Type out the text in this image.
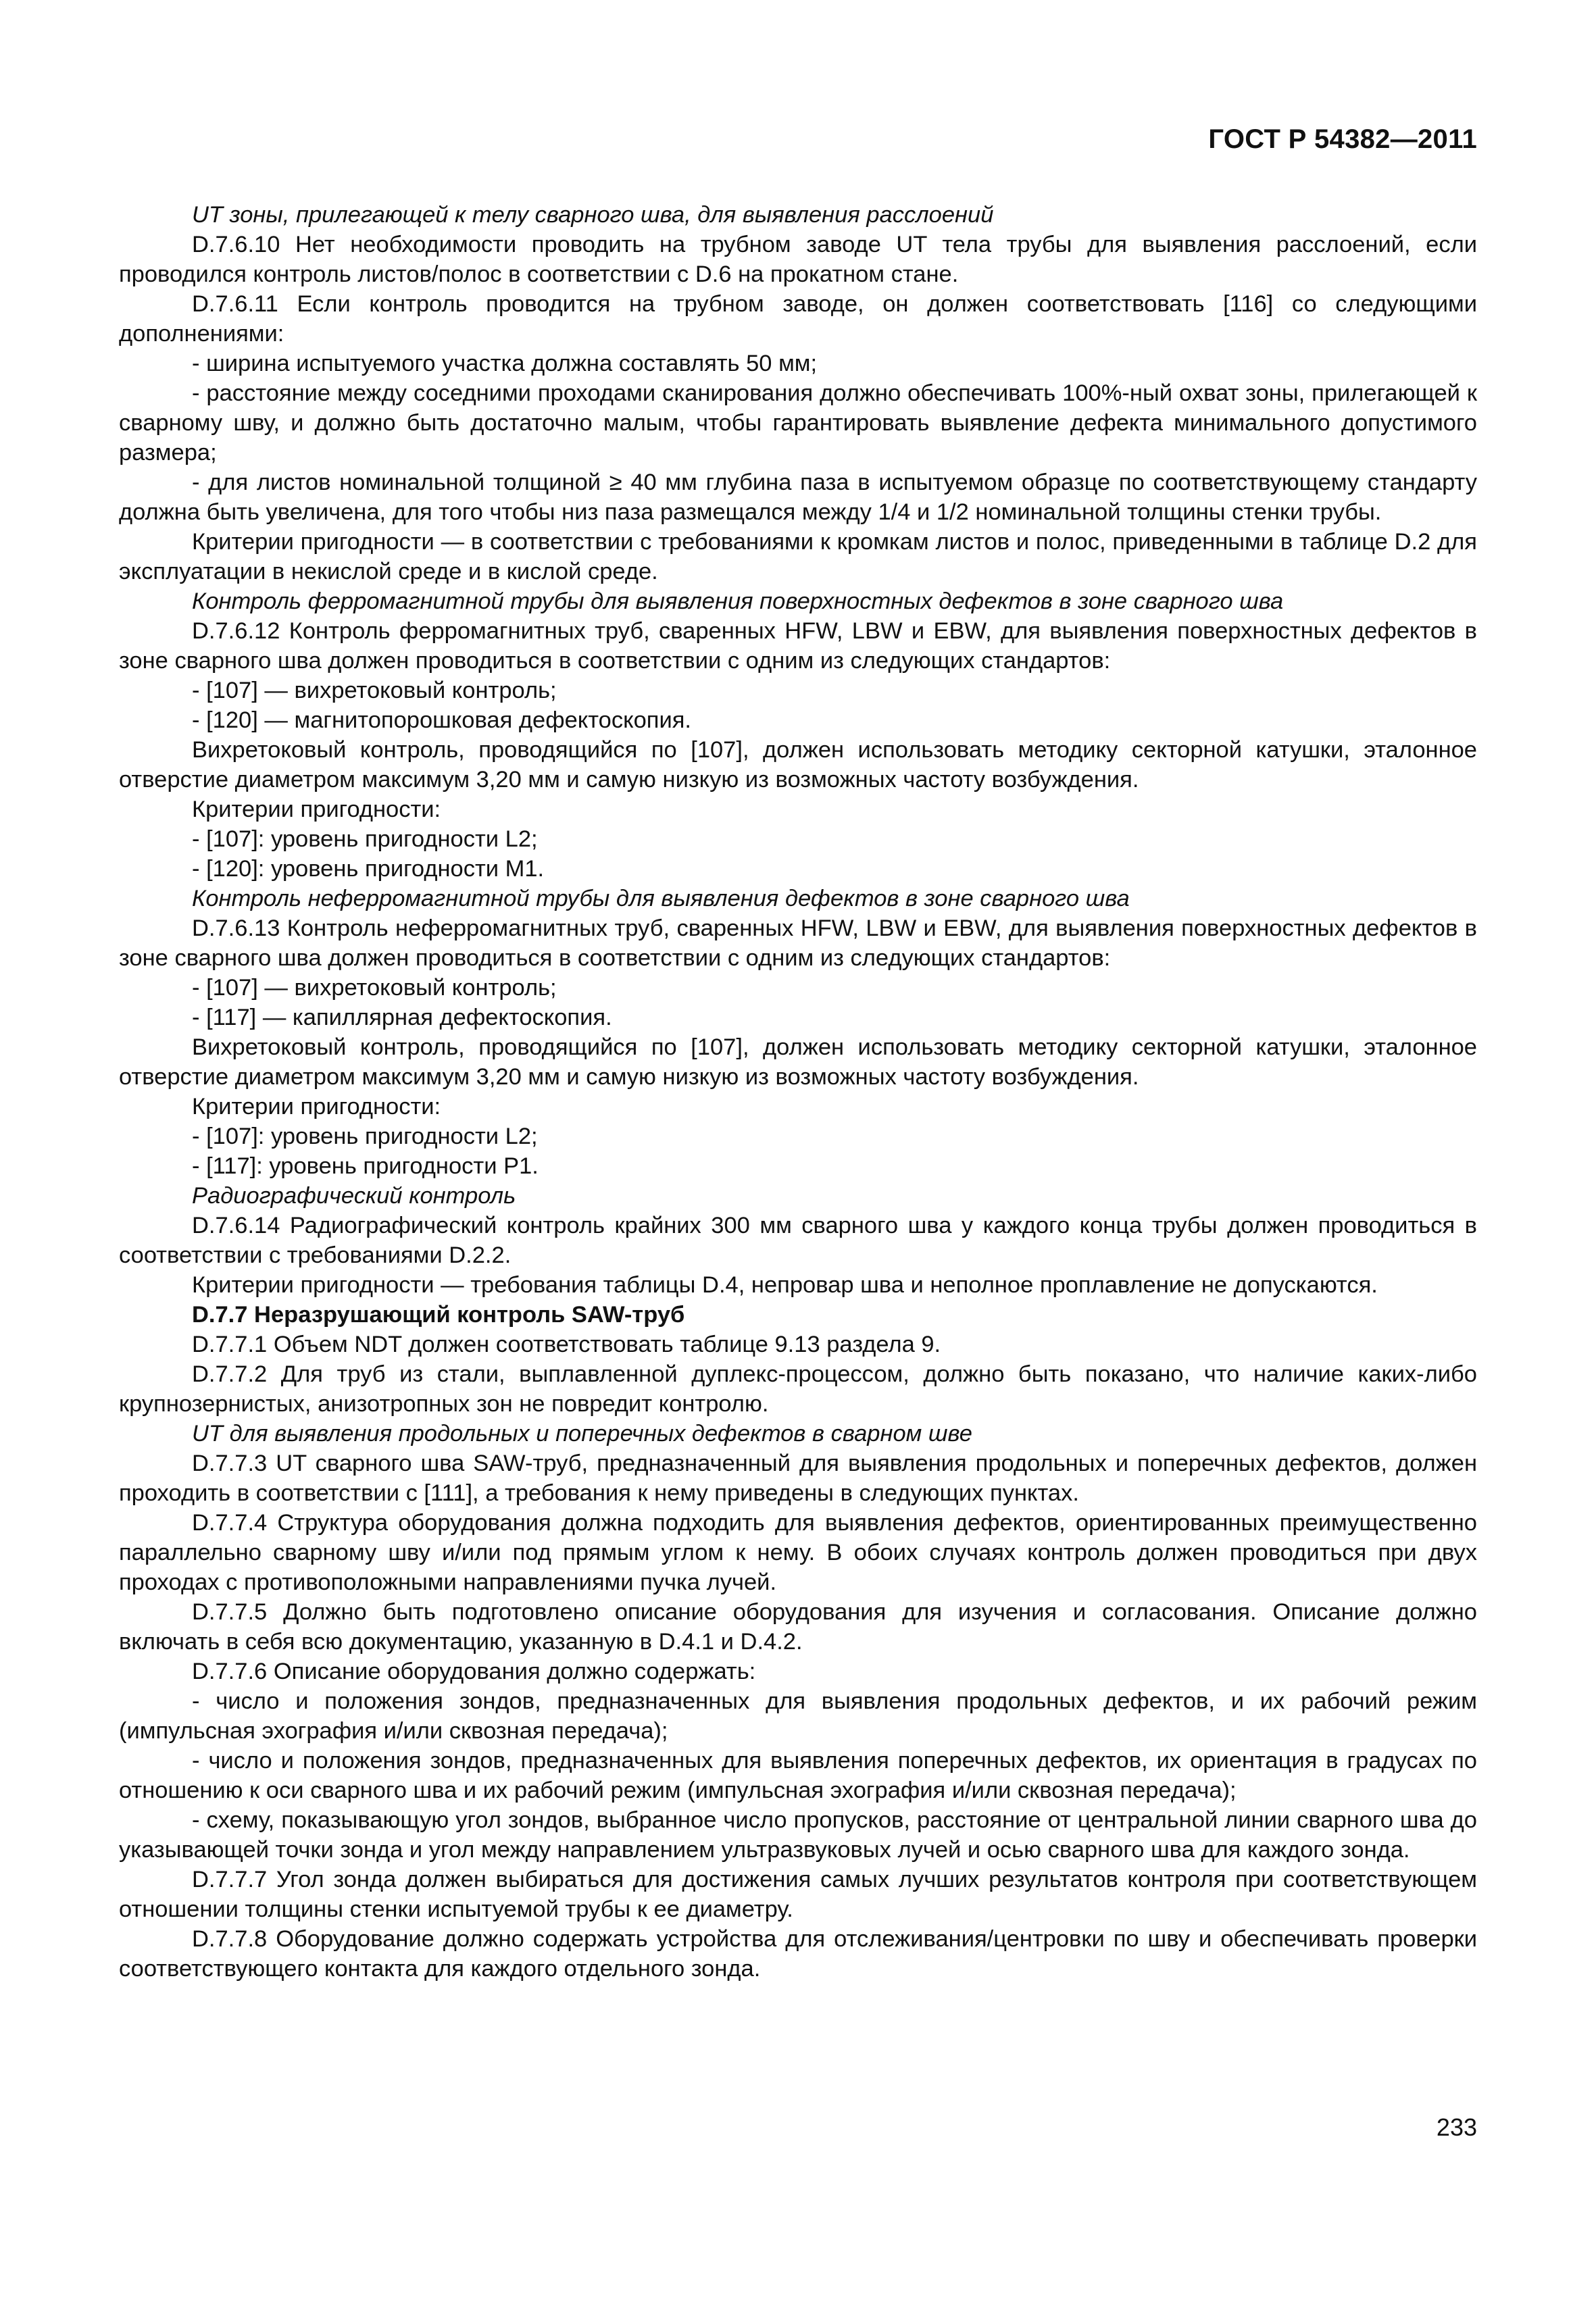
ГОСТ Р 54382—2011

UT зоны, прилегающей к телу сварного шва, для выявления расслоений

D.7.6.10 Нет необходимости проводить на трубном заводе UT тела трубы для выявления расслоений, если проводился контроль листов/полос в соответствии с D.6 на прокатном стане.

D.7.6.11 Если контроль проводится на трубном заводе, он должен соответствовать [116] со следующими дополнениями:

- ширина испытуемого участка должна составлять 50 мм;

- расстояние между соседними проходами сканирования должно обеспечивать 100%-ный охват зоны, прилегающей к сварному шву, и должно быть достаточно малым, чтобы гарантировать выявление дефекта минимального допустимого размера;

- для листов номинальной толщиной ≥ 40 мм глубина паза в испытуемом образце по соответствующему стандарту должна быть увеличена, для того чтобы низ паза размещался между 1/4 и 1/2 номинальной толщины стенки трубы.

Критерии пригодности — в соответствии с требованиями к кромкам листов и полос, приведенными в таблице D.2 для эксплуатации в некислой среде и в кислой среде.

Контроль ферромагнитной трубы для выявления поверхностных дефектов в зоне сварного шва

D.7.6.12 Контроль ферромагнитных труб, сваренных HFW, LBW и EBW, для выявления поверхностных дефектов в зоне сварного шва должен проводиться в соответствии с одним из следующих стандартов:

- [107] — вихретоковый контроль;

- [120] — магнитопорошковая дефектоскопия.

Вихретоковый контроль, проводящийся по [107], должен использовать методику секторной катушки, эталонное отверстие диаметром максимум 3,20 мм и самую низкую из возможных частоту возбуждения.

Критерии пригодности:

- [107]: уровень пригодности L2;

- [120]: уровень пригодности M1.

Контроль неферромагнитной трубы для выявления дефектов в зоне сварного шва

D.7.6.13 Контроль неферромагнитных труб, сваренных HFW, LBW и EBW, для выявления поверхностных дефектов в зоне сварного шва должен проводиться в соответствии с одним из следующих стандартов:

- [107] — вихретоковый контроль;

- [117] — капиллярная дефектоскопия.

Вихретоковый контроль, проводящийся по [107], должен использовать методику секторной катушки, эталонное отверстие диаметром максимум 3,20 мм и самую низкую из возможных частоту возбуждения.

Критерии пригодности:

- [107]: уровень пригодности L2;

- [117]: уровень пригодности P1.

Радиографический контроль

D.7.6.14 Радиографический контроль крайних 300 мм сварного шва у каждого конца трубы должен проводиться в соответствии с требованиями D.2.2.

Критерии пригодности — требования таблицы D.4, непровар шва и неполное проплавление не допускаются.

D.7.7 Неразрушающий контроль SAW-труб

D.7.7.1 Объем NDT должен соответствовать таблице 9.13 раздела 9.

D.7.7.2 Для труб из стали, выплавленной дуплекс-процессом, должно быть показано, что наличие каких-либо крупнозернистых, анизотропных зон не повредит контролю.

UT для выявления продольных и поперечных дефектов в сварном шве

D.7.7.3 UT сварного шва SAW-труб, предназначенный для выявления продольных и поперечных дефектов, должен проходить в соответствии с [111], а требования к нему приведены в следующих пунктах.

D.7.7.4 Структура оборудования должна подходить для выявления дефектов, ориентированных преимущественно параллельно сварному шву и/или под прямым углом к нему. В обоих случаях контроль должен проводиться при двух проходах с противоположными направлениями пучка лучей.

D.7.7.5 Должно быть подготовлено описание оборудования для изучения и согласования. Описание должно включать в себя всю документацию, указанную в D.4.1 и D.4.2.

D.7.7.6 Описание оборудования должно содержать:

- число и положения зондов, предназначенных для выявления продольных дефектов, и их рабочий режим (импульсная эхография и/или сквозная передача);

- число и положения зондов, предназначенных для выявления поперечных дефектов, их ориентация в градусах по отношению к оси сварного шва и их рабочий режим (импульсная эхография и/или сквозная передача);

- схему, показывающую угол зондов, выбранное число пропусков, расстояние от центральной линии сварного шва до указывающей точки зонда и угол между направлением ультразвуковых лучей и осью сварного шва для каждого зонда.

D.7.7.7 Угол зонда должен выбираться для достижения самых лучших результатов контроля при соответствующем отношении толщины стенки испытуемой трубы к ее диаметру.

D.7.7.8 Оборудование должно содержать устройства для отслеживания/центровки по шву и обеспечивать проверки соответствующего контакта для каждого отдельного зонда.

233
